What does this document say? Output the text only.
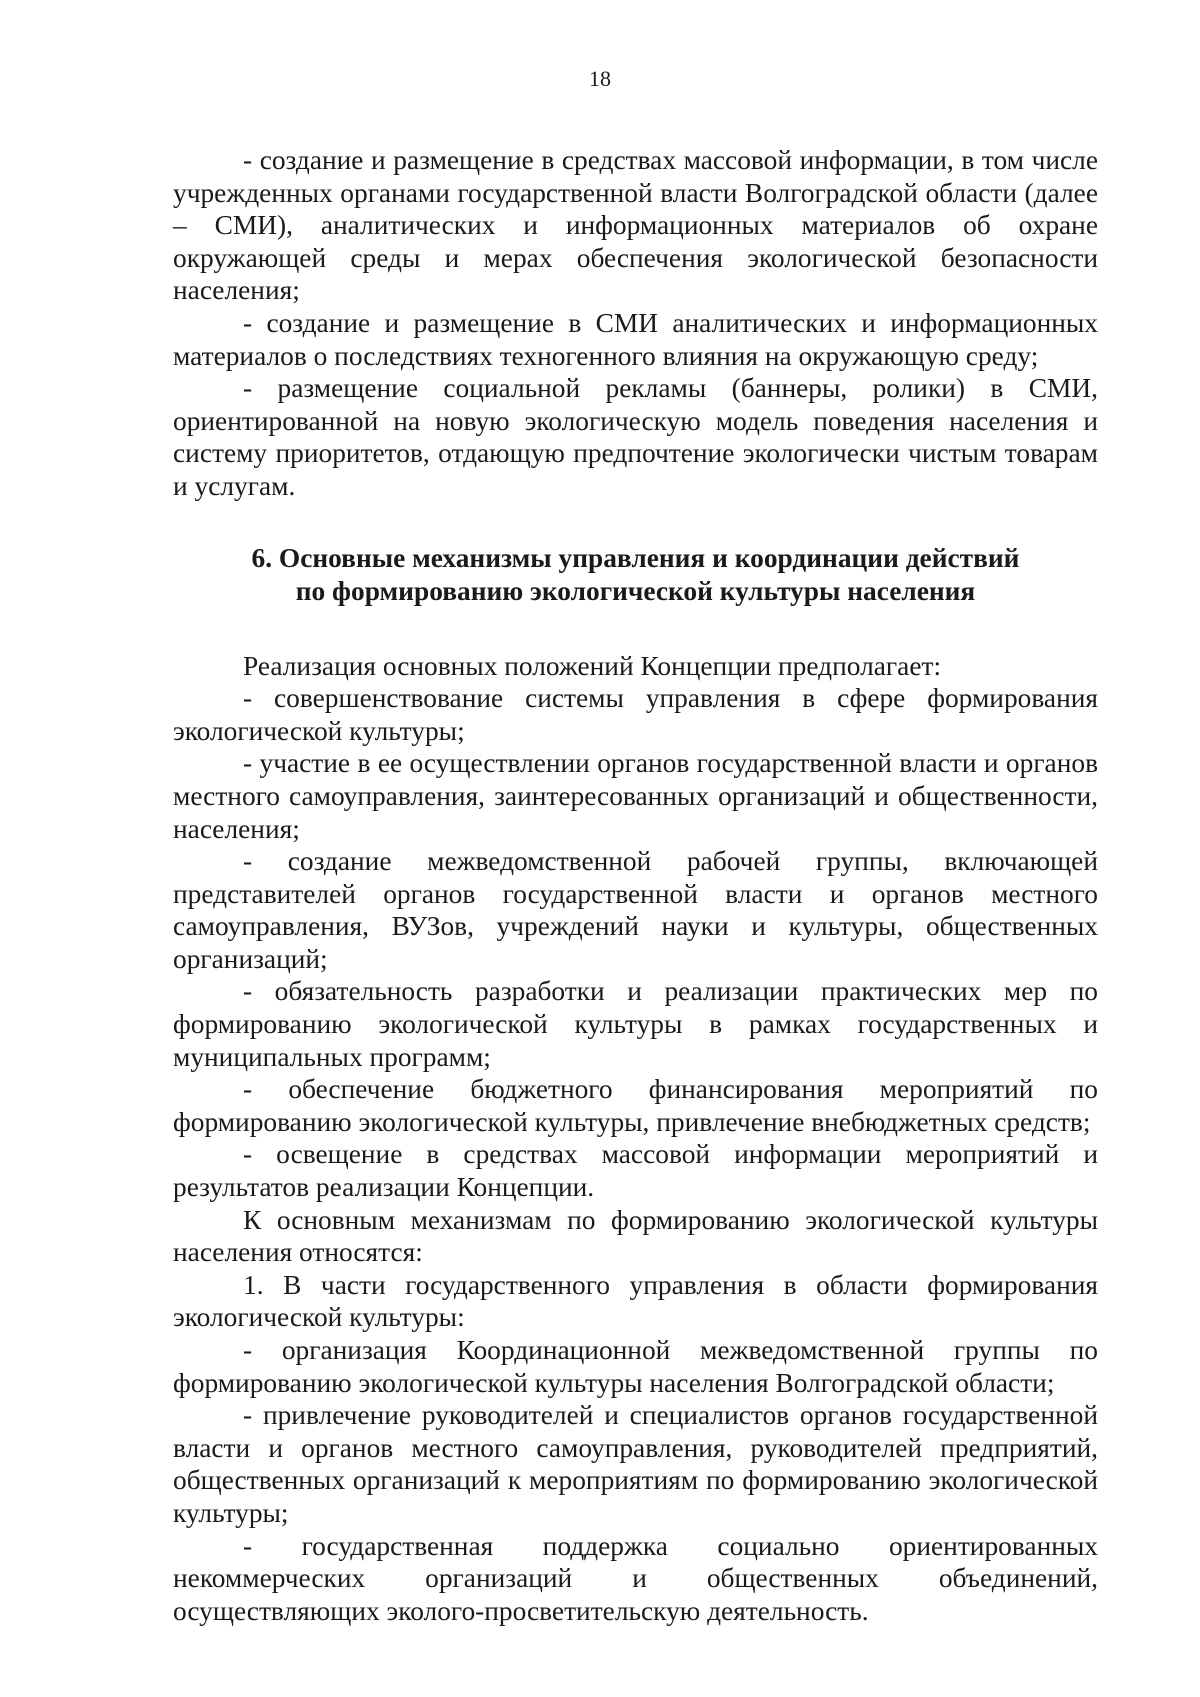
18

- создание и размещение в средствах массовой информации, в том числе учрежденных органами государственной власти Волгоградской области (далее – СМИ), аналитических и информационных материалов об охране окружающей среды и мерах обеспечения экологической безопасности населения;

- создание и размещение в СМИ аналитических и информационных материалов о последствиях техногенного влияния на окружающую среду;

- размещение социальной рекламы (баннеры, ролики) в СМИ, ориентированной на новую экологическую модель поведения населения и систему приоритетов, отдающую предпочтение экологически чистым товарам и услугам.

6. Основные механизмы управления и координации действий
по формированию экологической культуры населения

Реализация основных положений Концепции предполагает:

- совершенствование системы управления в сфере формирования экологической культуры;

- участие в ее осуществлении органов государственной власти и органов местного самоуправления, заинтересованных организаций и общественности, населения;

- создание межведомственной рабочей группы, включающей представителей органов государственной власти и органов местного самоуправления, ВУЗов, учреждений науки и культуры, общественных организаций;

- обязательность разработки и реализации практических мер по формированию экологической культуры в рамках государственных и муниципальных программ;

- обеспечение бюджетного финансирования мероприятий по формированию экологической культуры, привлечение внебюджетных средств;

- освещение в средствах массовой информации мероприятий и результатов реализации Концепции.

К основным механизмам по формированию экологической культуры населения относятся:

1. В части государственного управления в области формирования экологической культуры:

- организация Координационной межведомственной группы по формированию экологической культуры населения Волгоградской области;

- привлечение руководителей и специалистов органов государственной власти и органов местного самоуправления, руководителей предприятий, общественных организаций к мероприятиям по формированию экологической культуры;

- государственная поддержка социально ориентированных некоммерческих организаций и общественных объединений, осуществляющих эколого-просветительскую деятельность.
